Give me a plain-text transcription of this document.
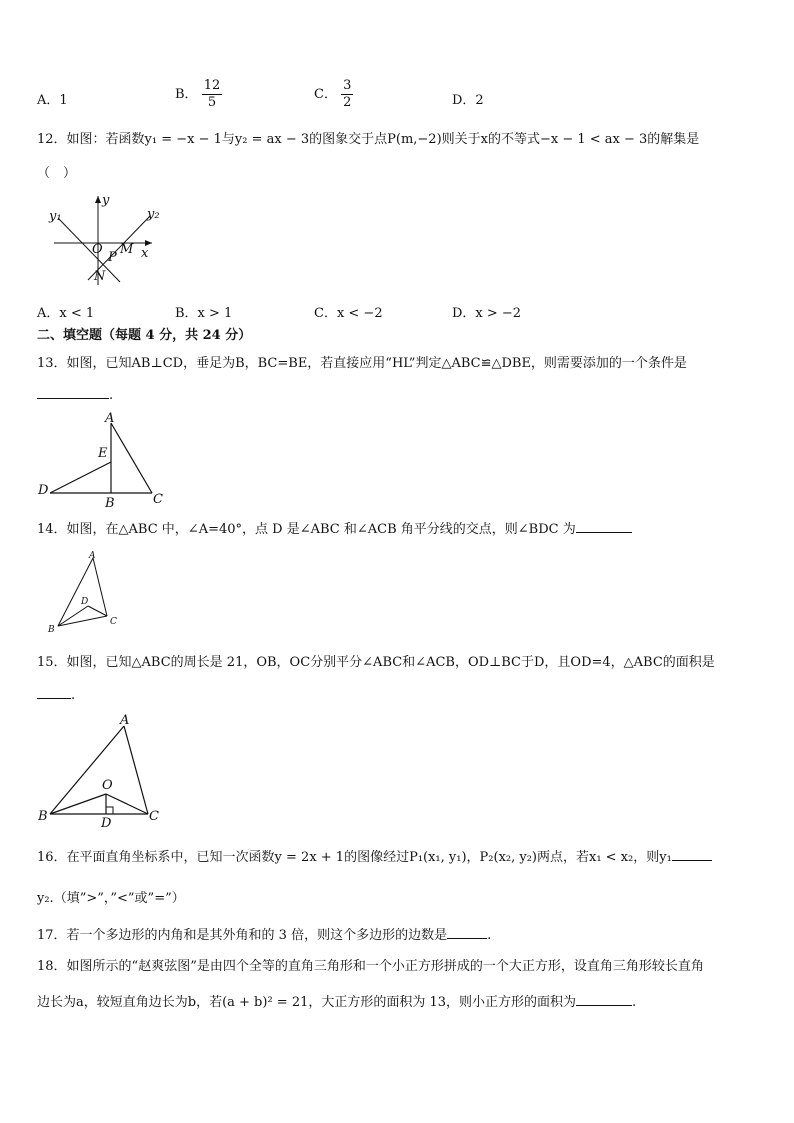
A．1	B． $\frac{12}{5}$	C． $\frac{3}{2}$	D．2
12．如图：若函数y₁ = −x − 1与y₂ = ax − 3的图象交于点P(m,−2)则关于x的不等式−x − 1 < ax − 3的解集是
（　）
y₁
y
y₂
O
P
M x
N
A．x < 1	B．x > 1	C．x < −2	D．x > −2
二、填空题（每题 4 分，共 24 分）
13．如图，已知AB⊥CD，垂足为B，BC=BE，若直接应用“HL”判定△ABC≌△DBE，则需要添加的一个条件是
.
A
E
D
B	C
14．如图，在△ABC 中，∠A=40°，点 D 是∠ABC 和∠ACB 角平分线的交点，则∠BDC 为
A
D
B
C
15．如图，已知△ABC的周长是 21，OB，OC分别平分∠ABC和∠ACB，OD⊥BC于D，且OD=4，△ABC的面积是
.
A
O
B	D	C
16．在平面直角坐标系中，已知一次函数y = 2x + 1的图像经过P₁(x₁, y₁)，P₂(x₂, y₂)两点，若x₁ < x₂，则y₁
y₂.（填”>”，”<”或”=”）
17．若一个多边形的内角和是其外角和的 3 倍，则这个多边形的边数是	.
18．如图所示的“赵爽弦图”是由四个全等的直角三角形和一个小正方形拼成的一个大正方形，设直角三角形较长直角
边长为a，较短直角边长为b，若(a + b)² = 21，大正方形的面积为 13，则小正方形的面积为	.
